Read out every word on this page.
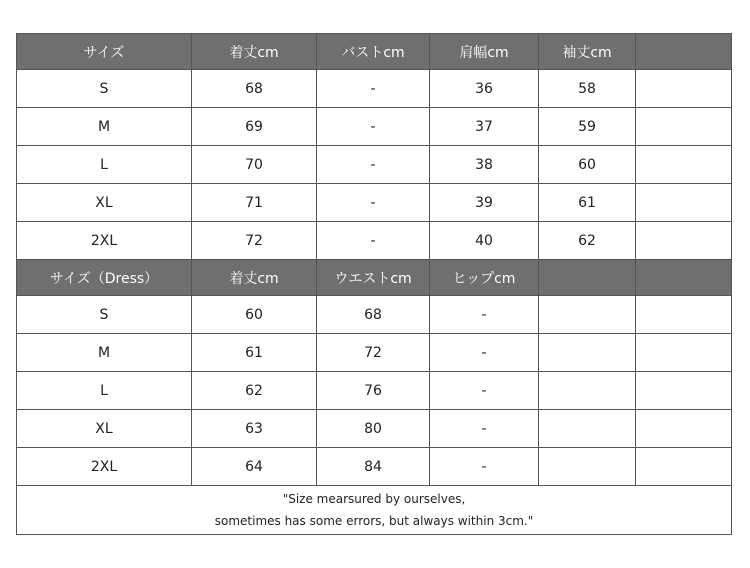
サイズ	着丈cm	バストcm	肩幅cm	袖丈cm	
S	68	-	36	58	
M	69	-	37	59	
L	70	-	38	60	
XL	71	-	39	61	
2XL	72	-	40	62	
サイズ（Dress）	着丈cm	ウエストcm	ヒップcm		
S	60	68	-		
M	61	72	-		
L	62	76	-		
XL	63	80	-		
2XL	64	84	-		

"Size mearsured by ourselves,
sometimes has some errors, but always within 3cm."					
